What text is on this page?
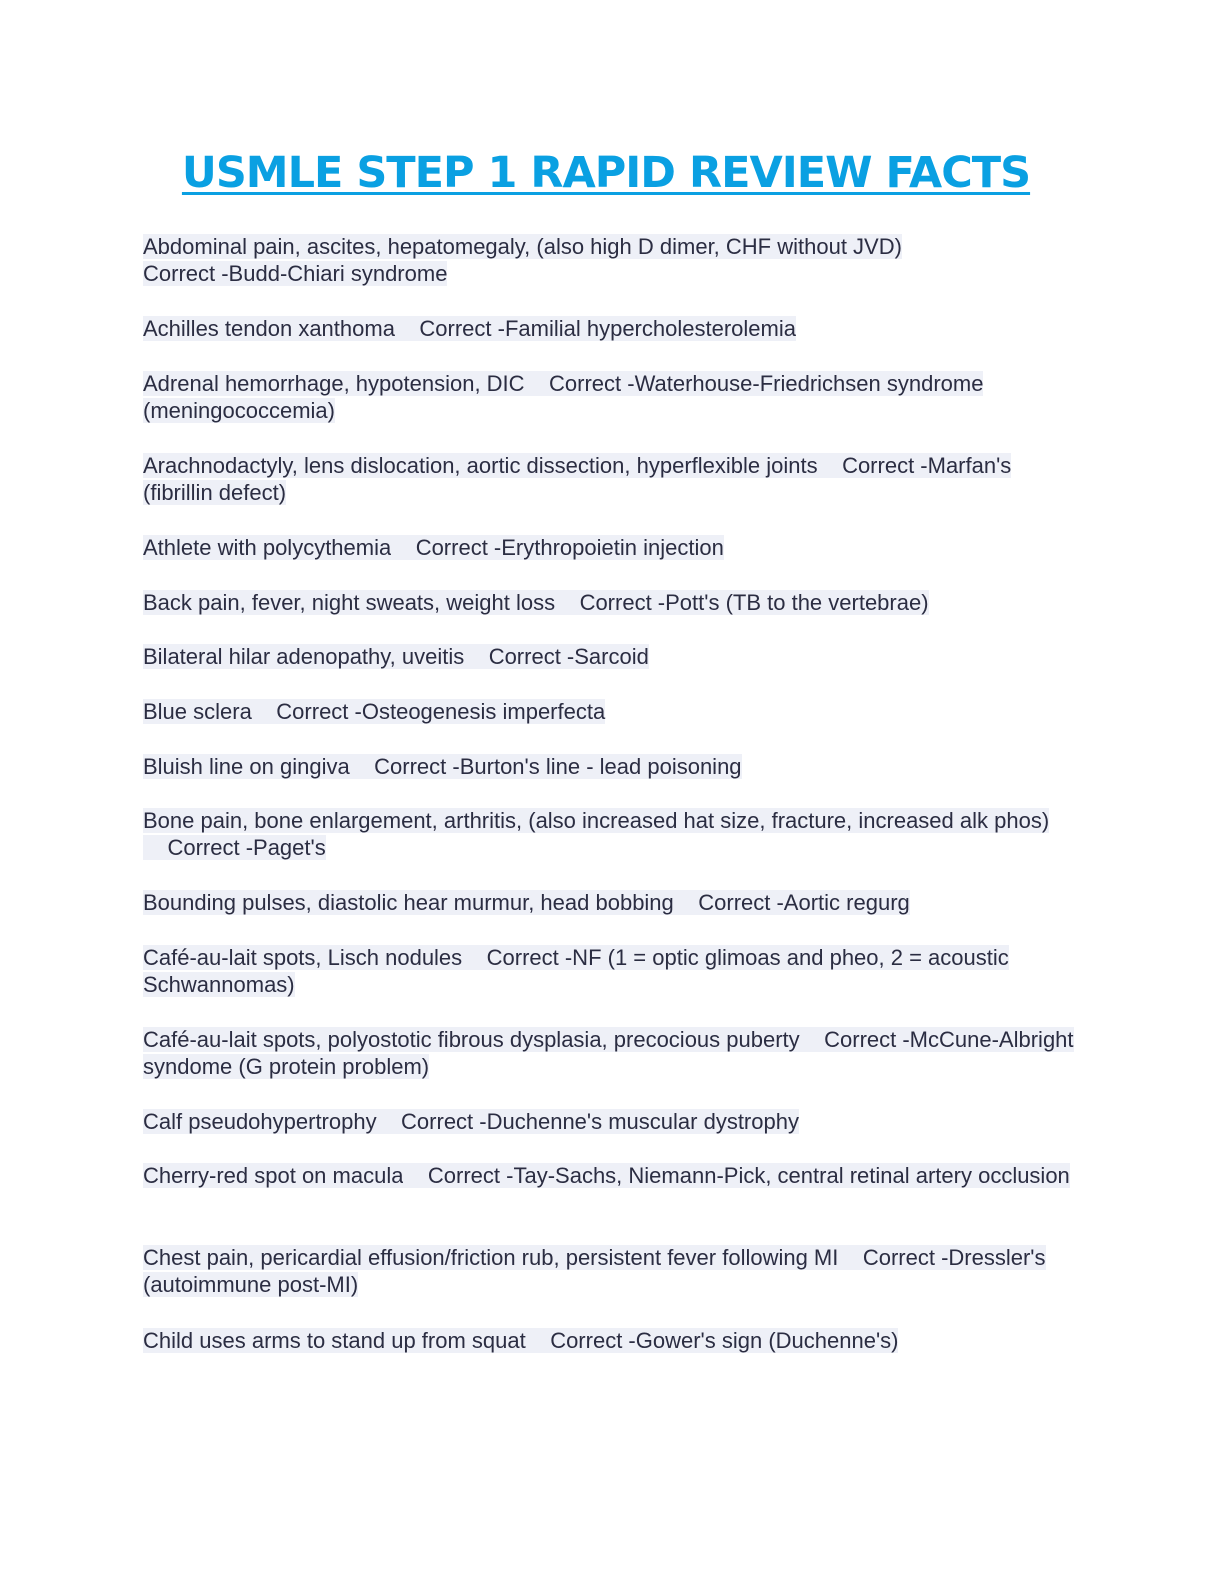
USMLE STEP 1 RAPID REVIEW FACTS
Abdominal pain, ascites, hepatomegaly, (also high D dimer, CHF without JVD)
Correct -Budd-Chiari syndrome
Achilles tendon xanthoma Correct -Familial hypercholesterolemia
Adrenal hemorrhage, hypotension, DIC Correct -Waterhouse-Friedrichsen syndrome (meningococcemia)
Arachnodactyly, lens dislocation, aortic dissection, hyperflexible joints Correct -Marfan's (fibrillin defect)
Athlete with polycythemia Correct -Erythropoietin injection
Back pain, fever, night sweats, weight loss Correct -Pott's (TB to the vertebrae)
Bilateral hilar adenopathy, uveitis Correct -Sarcoid
Blue sclera Correct -Osteogenesis imperfecta
Bluish line on gingiva Correct -Burton's line - lead poisoning
Bone pain, bone enlargement, arthritis, (also increased hat size, fracture, increased alk phos)    Correct -Paget's
Bounding pulses, diastolic hear murmur, head bobbing Correct -Aortic regurg
Café-au-lait spots, Lisch nodules Correct -NF (1 = optic glimoas and pheo, 2 = acoustic Schwannomas)
Café-au-lait spots, polyostotic fibrous dysplasia, precocious puberty Correct -McCune-Albright syndome (G protein problem)
Calf pseudohypertrophy Correct -Duchenne's muscular dystrophy
Cherry-red spot on macula Correct -Tay-Sachs, Niemann-Pick, central retinal artery occlusion
Chest pain, pericardial effusion/friction rub, persistent fever following MI Correct -Dressler's (autoimmune post-MI)
Child uses arms to stand up from squat Correct -Gower's sign (Duchenne's)
